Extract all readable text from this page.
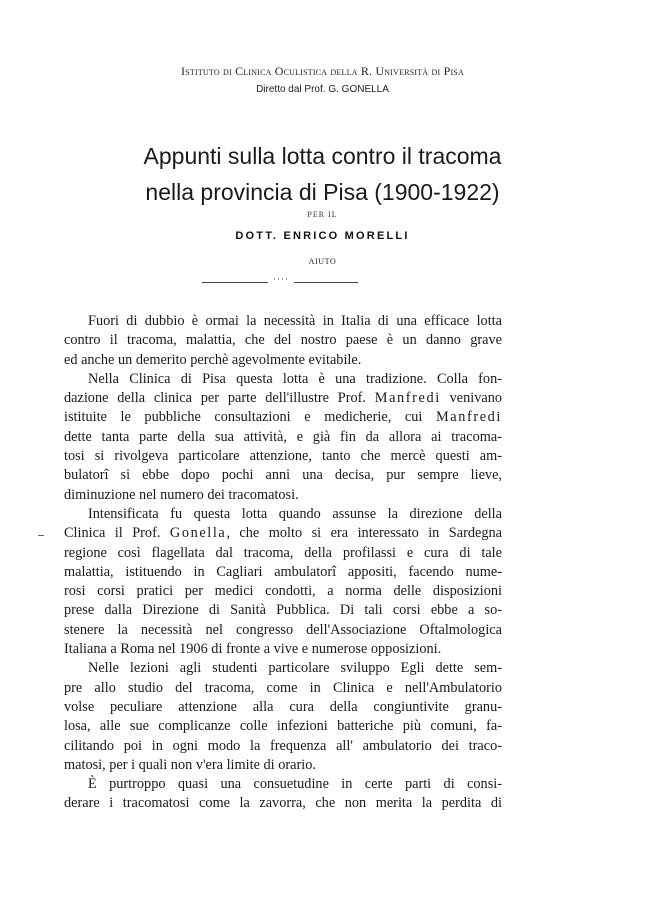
Istituto di Clinica Oculistica della R. Università di Pisa
Diretto dal Prof. G. GONELLA
Appunti sulla lotta contro il tracoma
nella provincia di Pisa (1900-1922)
PER IL
DOTT. ENRICO MORELLI
AIUTO
····
Fuori di dubbio è ormai la necessità in Italia di una efficace lotta
contro il tracoma, malattia, che del nostro paese è un danno grave
ed anche un demerito perchè agevolmente evitabile.
Nella Clinica di Pisa questa lotta è una tradizione. Colla fon-
dazione della clinica per parte dell'illustre Prof. Manfredi venivano
istituite le pubbliche consultazioni e medicherie, cui Manfredi
dette tanta parte della sua attività, e già fin da allora ai tracoma-
tosi si rivolgeva particolare attenzione, tanto che mercè questi am-
bulatorî si ebbe dopo pochi anni una decisa, pur sempre lieve,
diminuzione nel numero dei tracomatosi.
Intensificata fu questa lotta quando assunse la direzione della
Clinica il Prof. Gonella, che molto si era interessato in Sardegna
regione così flagellata dal tracoma, della profilassi e cura di tale
malattia, istituendo in Cagliari ambulatorî appositi, facendo nume-
rosi corsi pratici per medici condotti, a norma delle disposizioni
prese dalla Direzione di Sanità Pubblica. Di tali corsi ebbe a so-
stenere la necessità nel congresso dell'Associazione Oftalmologica
Italiana a Roma nel 1906 di fronte a vive e numerose opposizioni.
Nelle lezioni agli studenti particolare sviluppo Egli dette sem-
pre allo studio del tracoma, come in Clinica e nell'Ambulatorio
volse peculiare attenzione alla cura della congiuntivite granu-
losa, alle sue complicanze colle infezioni batteriche più comuni, fa-
cilitando poi in ogni modo la frequenza all' ambulatorio dei traco-
matosi, per i quali non v'era limite di orario.
È purtroppo quasi una consuetudine in certe parti di consi-
derare i tracomatosi come la zavorra, che non merita la perdita di
